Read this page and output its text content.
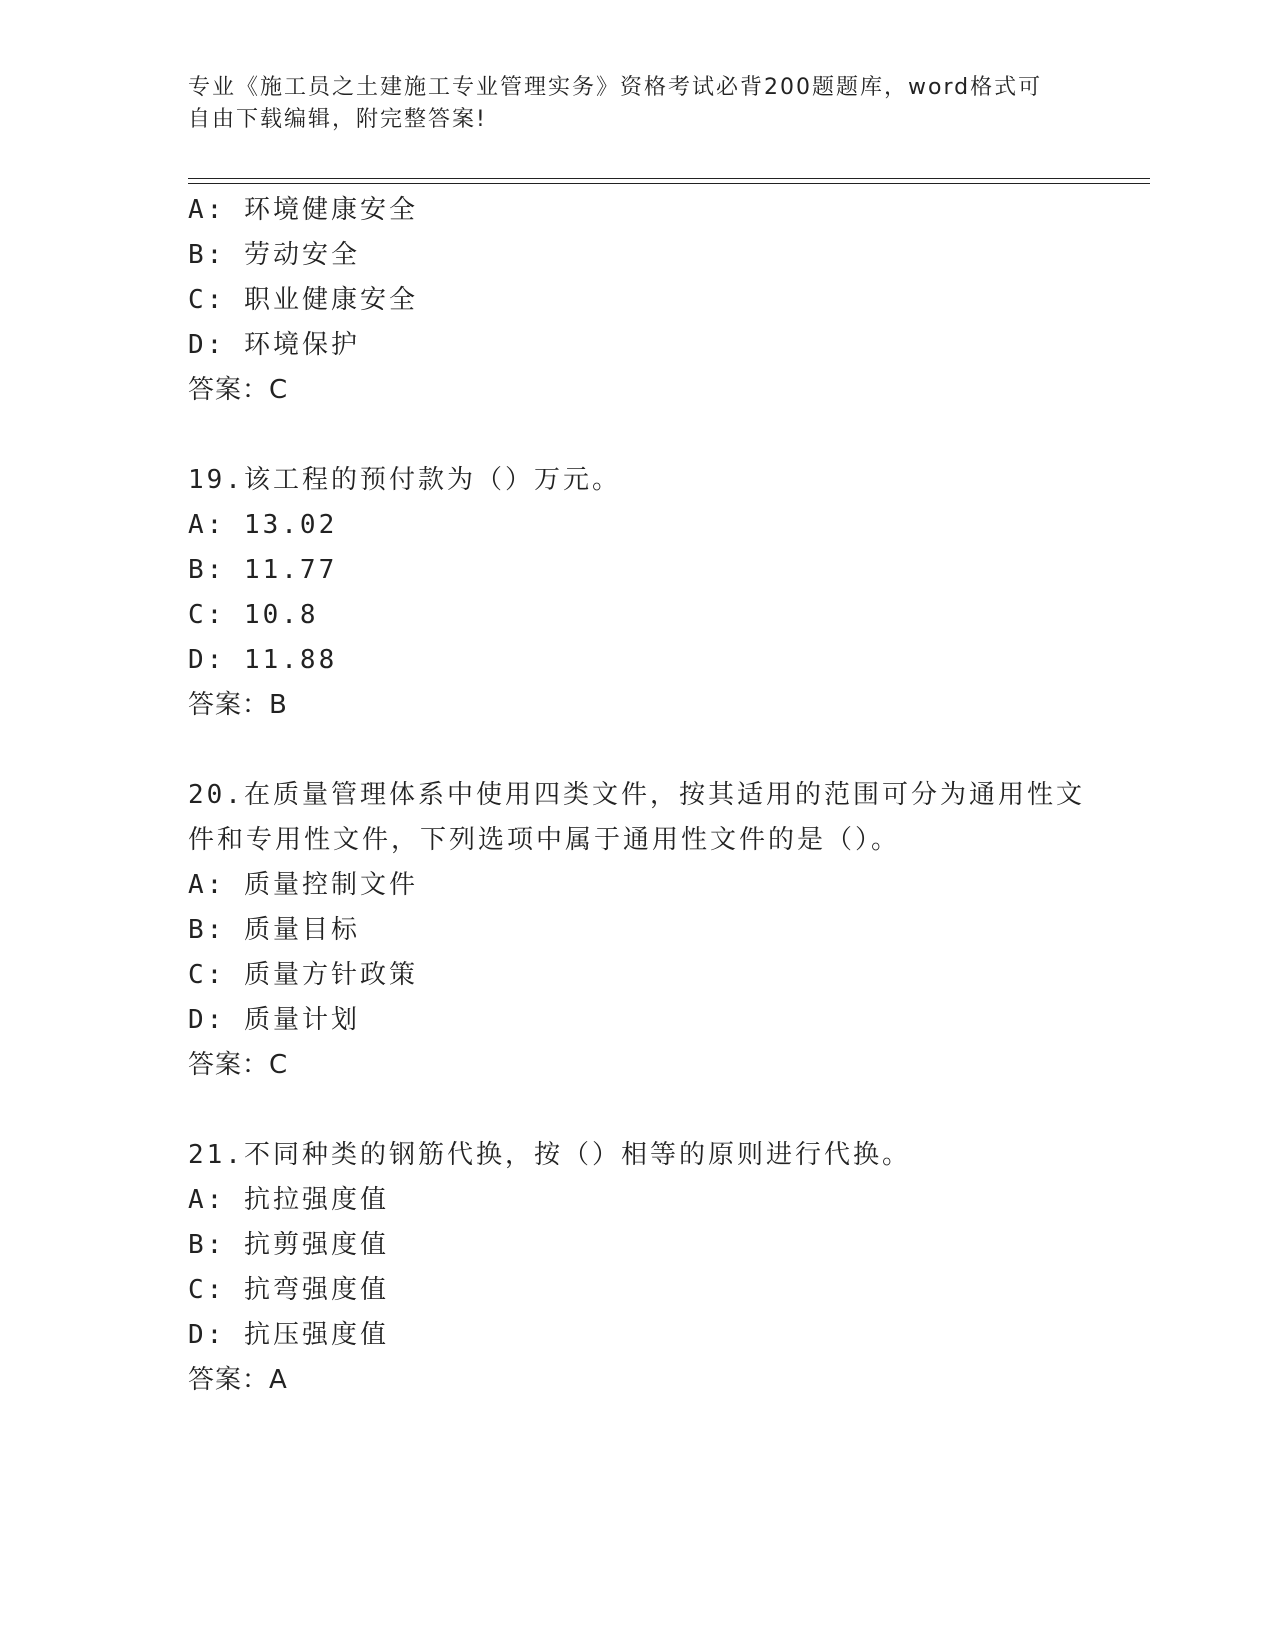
专业《施工员之土建施工专业管理实务》资格考试必背200题题库，word格式可
自由下载编辑，附完整答案!
A: 环境健康安全
B: 劳动安全
C: 职业健康安全
D: 环境保护
答案：C
19.该工程的预付款为（）万元。
A: 13.02
B: 11.77
C: 10.8
D: 11.88
答案：B
20.在质量管理体系中使用四类文件，按其适用的范围可分为通用性文
件和专用性文件，下列选项中属于通用性文件的是（）。
A: 质量控制文件
B: 质量目标
C: 质量方针政策
D: 质量计划
答案：C
21.不同种类的钢筋代换，按（）相等的原则进行代换。
A: 抗拉强度值
B: 抗剪强度值
C: 抗弯强度值
D: 抗压强度值
答案：A
